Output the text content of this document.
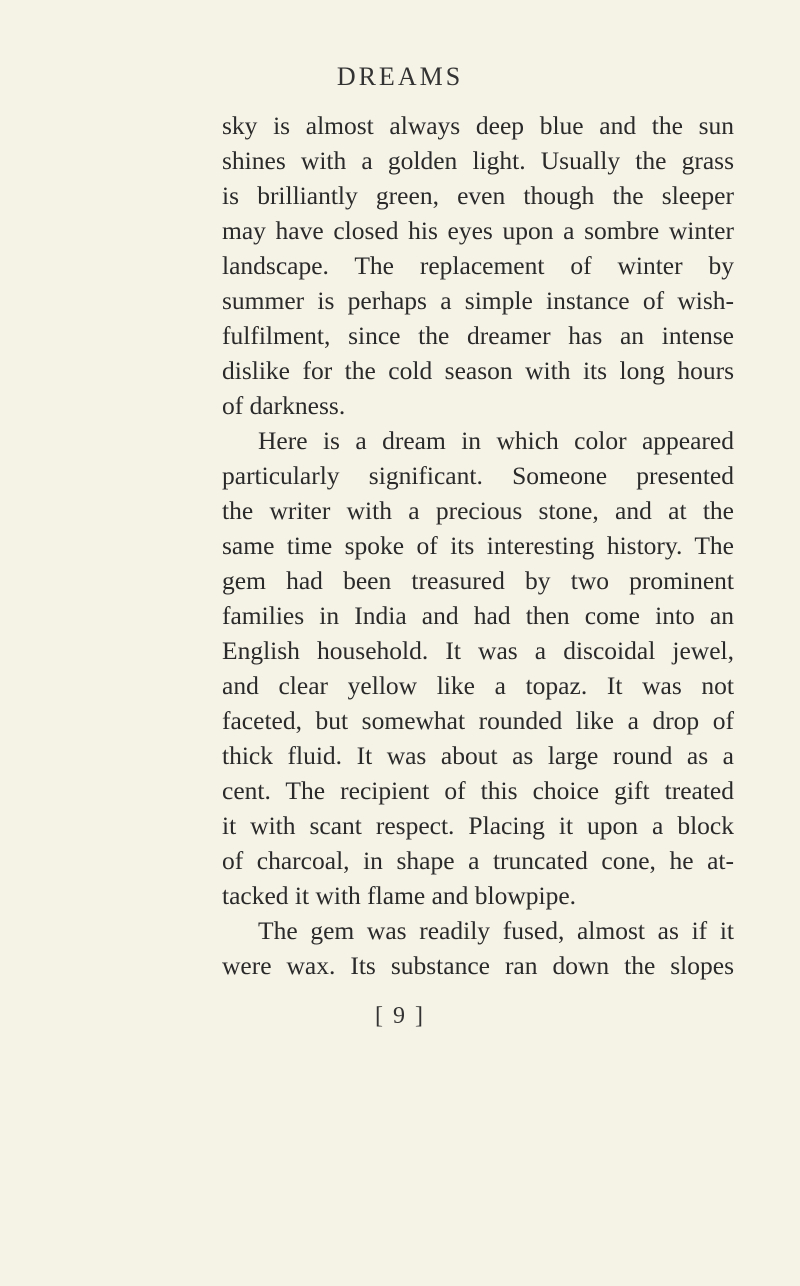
DREAMS
sky is almost always deep blue and the sun
shines with a golden light. Usually the grass
is brilliantly green, even though the sleeper
may have closed his eyes upon a sombre winter
landscape. The replacement of winter by
summer is perhaps a simple instance of wish-
fulfilment, since the dreamer has an intense
dislike for the cold season with its long hours
of darkness.
Here is a dream in which color appeared
particularly significant. Someone presented
the writer with a precious stone, and at the
same time spoke of its interesting history. The
gem had been treasured by two prominent
families in India and had then come into an
English household. It was a discoidal jewel,
and clear yellow like a topaz. It was not
faceted, but somewhat rounded like a drop of
thick fluid. It was about as large round as a
cent. The recipient of this choice gift treated
it with scant respect. Placing it upon a block
of charcoal, in shape a truncated cone, he at-
tacked it with flame and blowpipe.
The gem was readily fused, almost as if it
were wax. Its substance ran down the slopes
[ 9 ]
